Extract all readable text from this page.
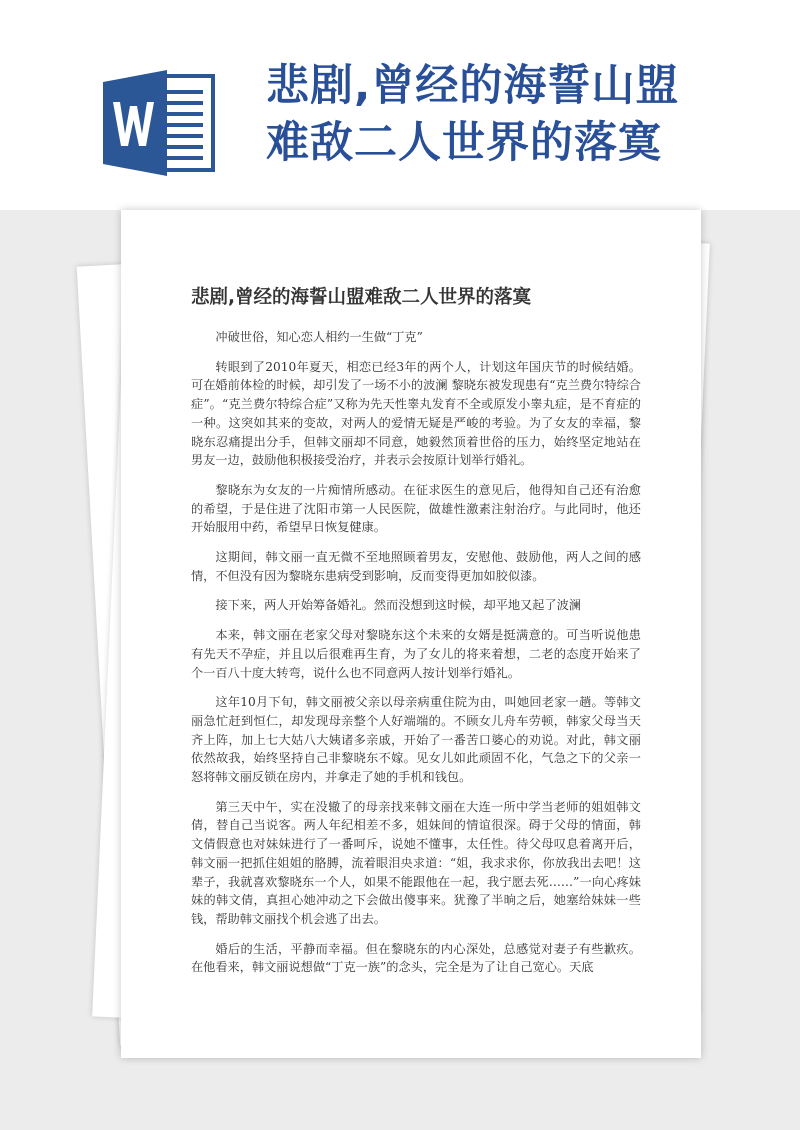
悲剧,曾经的海誓山盟
难敌二人世界的落寞
悲剧,曾经的海誓山盟难敌二人世界的落寞

冲破世俗，知心恋人相约一生做“丁克”

转眼到了2010年夏天，相恋已经3年的两个人，计划这年国庆节的时候结婚。可在婚前体检的时候，却引发了一场不小的波澜 黎晓东被发现患有“克兰费尔特综合症”。“克兰费尔特综合症”又称为先天性睾丸发育不全或原发小睾丸症，是不育症的一种。这突如其来的变故，对两人的爱情无疑是严峻的考验。为了女友的幸福，黎晓东忍痛提出分手，但韩文丽却不同意，她毅然顶着世俗的压力，始终坚定地站在男友一边，鼓励他积极接受治疗，并表示会按原计划举行婚礼。

黎晓东为女友的一片痴情所感动。在征求医生的意见后，他得知自己还有治愈的希望，于是住进了沈阳市第一人民医院，做雄性激素注射治疗。与此同时，他还开始服用中药，希望早日恢复健康。

这期间，韩文丽一直无微不至地照顾着男友，安慰他、鼓励他，两人之间的感情，不但没有因为黎晓东患病受到影响，反而变得更加如胶似漆。

接下来，两人开始筹备婚礼。然而没想到这时候，却平地又起了波澜

本来，韩文丽在老家父母对黎晓东这个未来的女婿是挺满意的。可当听说他患有先天不孕症，并且以后很难再生育，为了女儿的将来着想，二老的态度开始来了个一百八十度大转弯，说什么也不同意两人按计划举行婚礼。

这年10月下旬，韩文丽被父亲以母亲病重住院为由，叫她回老家一趟。等韩文丽急忙赶到恒仁，却发现母亲整个人好端端的。不顾女儿舟车劳顿，韩家父母当天齐上阵，加上七大姑八大姨诸多亲戚，开始了一番苦口婆心的劝说。对此，韩文丽依然故我，始终坚持自己非黎晓东不嫁。见女儿如此顽固不化，气急之下的父亲一怒将韩文丽反锁在房内，并拿走了她的手机和钱包。

第三天中午，实在没辙了的母亲找来韩文丽在大连一所中学当老师的姐姐韩文倩，替自己当说客。两人年纪相差不多，姐妹间的情谊很深。碍于父母的情面，韩文倩假意也对妹妹进行了一番呵斥，说她不懂事，太任性。待父母叹息着离开后，韩文丽一把抓住姐姐的胳膊，流着眼泪央求道：“姐，我求求你，你放我出去吧！这辈子，我就喜欢黎晓东一个人，如果不能跟他在一起，我宁愿去死……”一向心疼妹妹的韩文倩，真担心她冲动之下会做出傻事来。犹豫了半晌之后，她塞给妹妹一些钱，帮助韩文丽找个机会逃了出去。

婚后的生活，平静而幸福。但在黎晓东的内心深处，总感觉对妻子有些歉疚。在他看来，韩文丽说想做“丁克一族”的念头，完全是为了让自己宽心。天底
